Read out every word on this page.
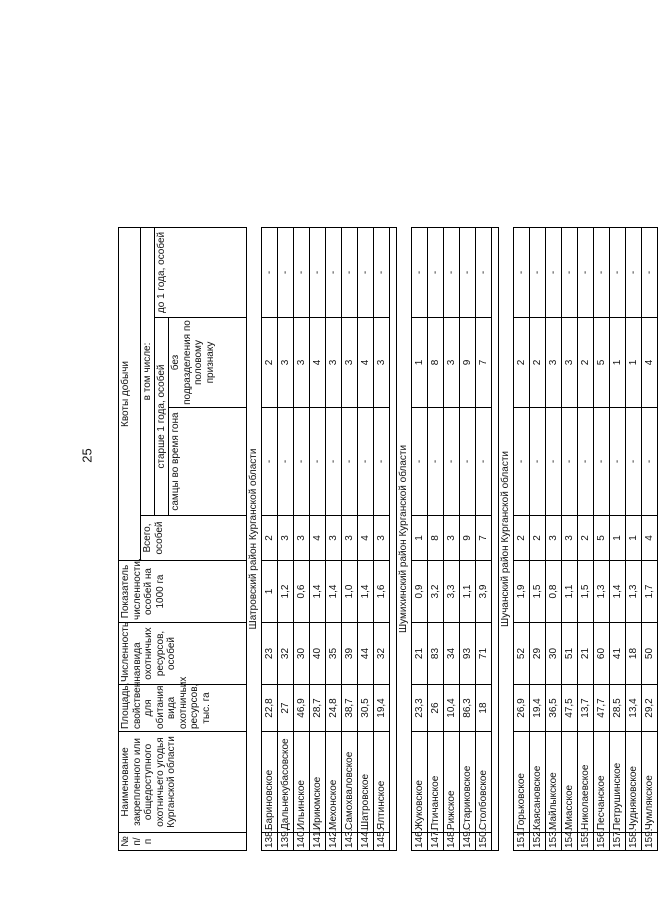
25
№ п/п	Наименование закрепленного или общедоступного охотничьего угодья Курганской области	Площадь, свойственная для обитания вида охотничьих ресурсов, тыс. га	Численность вида охотничьих ресурсов, особей	Показатель численности, особей на 1000 га	Квоты добычи				
					Всего, особей	в том числе:			
						старше 1 года, особей		до 1 года, особей	
						самцы во время гона	без подразделения по половому признаку		
Шатровский район Курганской области									
138.	Бариновское	22,8	23	1	2	-	2	-	
139.	Дальнекубасовское	27	32	1,2	3	-	3	-	
140.	Ильинское	46,9	30	0,6	3	-	3	-	
141.	Ириюмское	28,7	40	1,4	4	-	4	-	
142.	Мехонское	24,8	35	1,4	3	-	3	-	
143.	Самохваловское	38,7	39	1,0	3	-	3	-	
144.	Шатровское	30,5	44	1,4	4	-	4	-	
145.	Ялтинское	19,4	32	1,6	3	-	3	-	

Шумихинский район Курганской области									
146.	Жуковское	23,3	21	0,9	1	-	1	-	
147.	Птичанское	26	83	3,2	8	-	8	-	
148.	Рижское	10,4	34	3,3	3	-	3	-	
149.	Стариковское	86,3	93	1,1	9	-	9	-	
150.	Столбовское	18	71	3,9	7	-	7	-	

Шучанский район Курганской области									
151.	Горьковское	26,9	52	1,9	2	-	2	-	
152.	Каясановское	19,4	29	1,5	2	-	2	-	
153.	Майлыкское	36,5	30	0,8	3	-	3	-	
154.	Миасское	47,5	51	1,1	3	-	3	-	
155.	Николаевское	13,7	21	1,5	2	-	2	-	
156.	Песчанское	47,7	60	1,3	5	-	5	-	
157.	Петрушинское	28,5	41	1,4	1	-	1	-	
158.	Чудняковское	13,4	18	1,3	1	-	1	-	
159.	Чумлякское	29,2	50	1,7	4	-	4	-	
